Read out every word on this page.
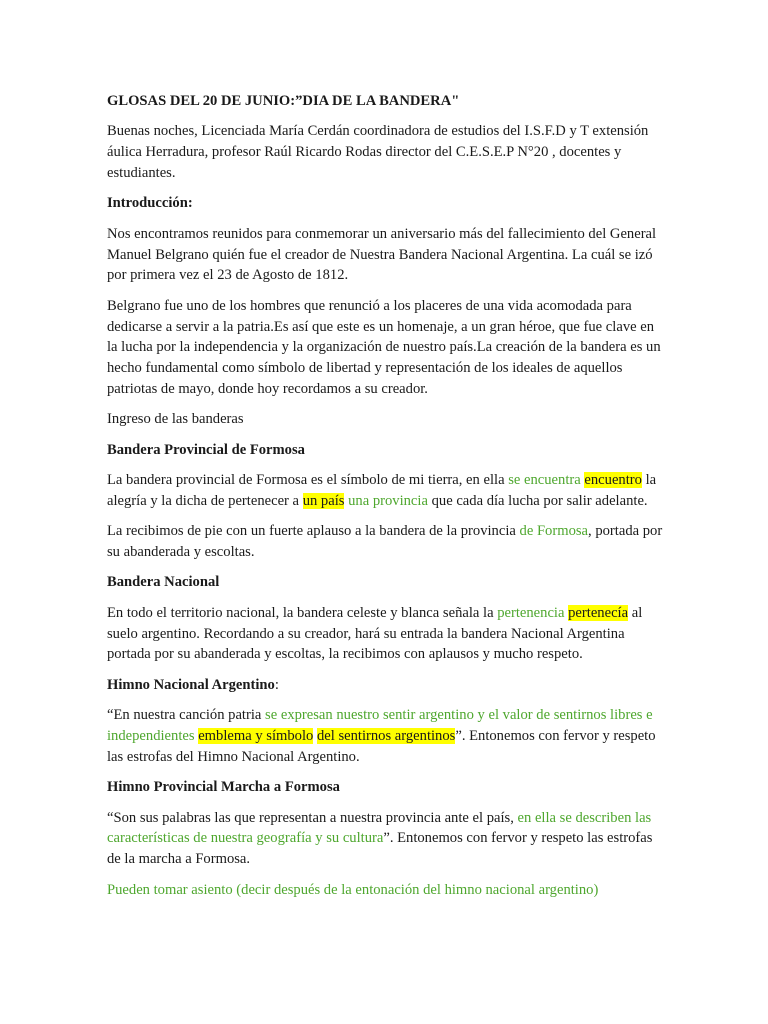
GLOSAS DEL 20 DE JUNIO:”DIA DE LA BANDERA"

Buenas noches, Licenciada María Cerdán coordinadora de estudios del I.S.F.D y T extensión áulica Herradura, profesor Raúl Ricardo Rodas director del C.E.S.E.P N°20 , docentes y estudiantes.

Introducción:

Nos encontramos reunidos para conmemorar un aniversario más del fallecimiento del General Manuel Belgrano quién fue el creador de Nuestra Bandera Nacional Argentina. La cuál se izó por primera vez el 23 de Agosto de 1812.

Belgrano fue uno de los hombres que renunció a los placeres de una vida acomodada para dedicarse a servir a la patria.Es así que este es un homenaje, a un gran héroe, que fue clave en la lucha por la independencia y la organización de nuestro país.La creación de la bandera es un hecho fundamental como símbolo de libertad y representación de los ideales de aquellos patriotas de mayo, donde hoy recordamos a su creador.

Ingreso de las banderas

Bandera Provincial de Formosa

La bandera provincial de Formosa es el símbolo de mi tierra, en ella se encuentra encuentro la alegría y la dicha de pertenecer a un país una provincia que cada día lucha por salir adelante.

La recibimos de pie con un fuerte aplauso a la bandera de la provincia de Formosa, portada por su abanderada y escoltas.

Bandera Nacional

En todo el territorio nacional, la bandera celeste y blanca señala la pertenencia pertenecía al suelo argentino. Recordando a su creador, hará su entrada la bandera Nacional Argentina portada por su abanderada y escoltas, la recibimos con aplausos y mucho respeto.

Himno Nacional Argentino:

“En nuestra canción patria se expresan nuestro sentir argentino y el valor de sentirnos libres e independientes emblema y símbolo del sentirnos argentinos”. Entonemos con fervor y respeto las estrofas del Himno Nacional Argentino.

Himno Provincial Marcha a Formosa

“Son sus palabras las que representan a nuestra provincia ante el país, en ella se describen las características de nuestra geografía y su cultura”. Entonemos con fervor y respeto las estrofas de la marcha a Formosa.

Pueden tomar asiento (decir después de la entonación del himno nacional argentino)
